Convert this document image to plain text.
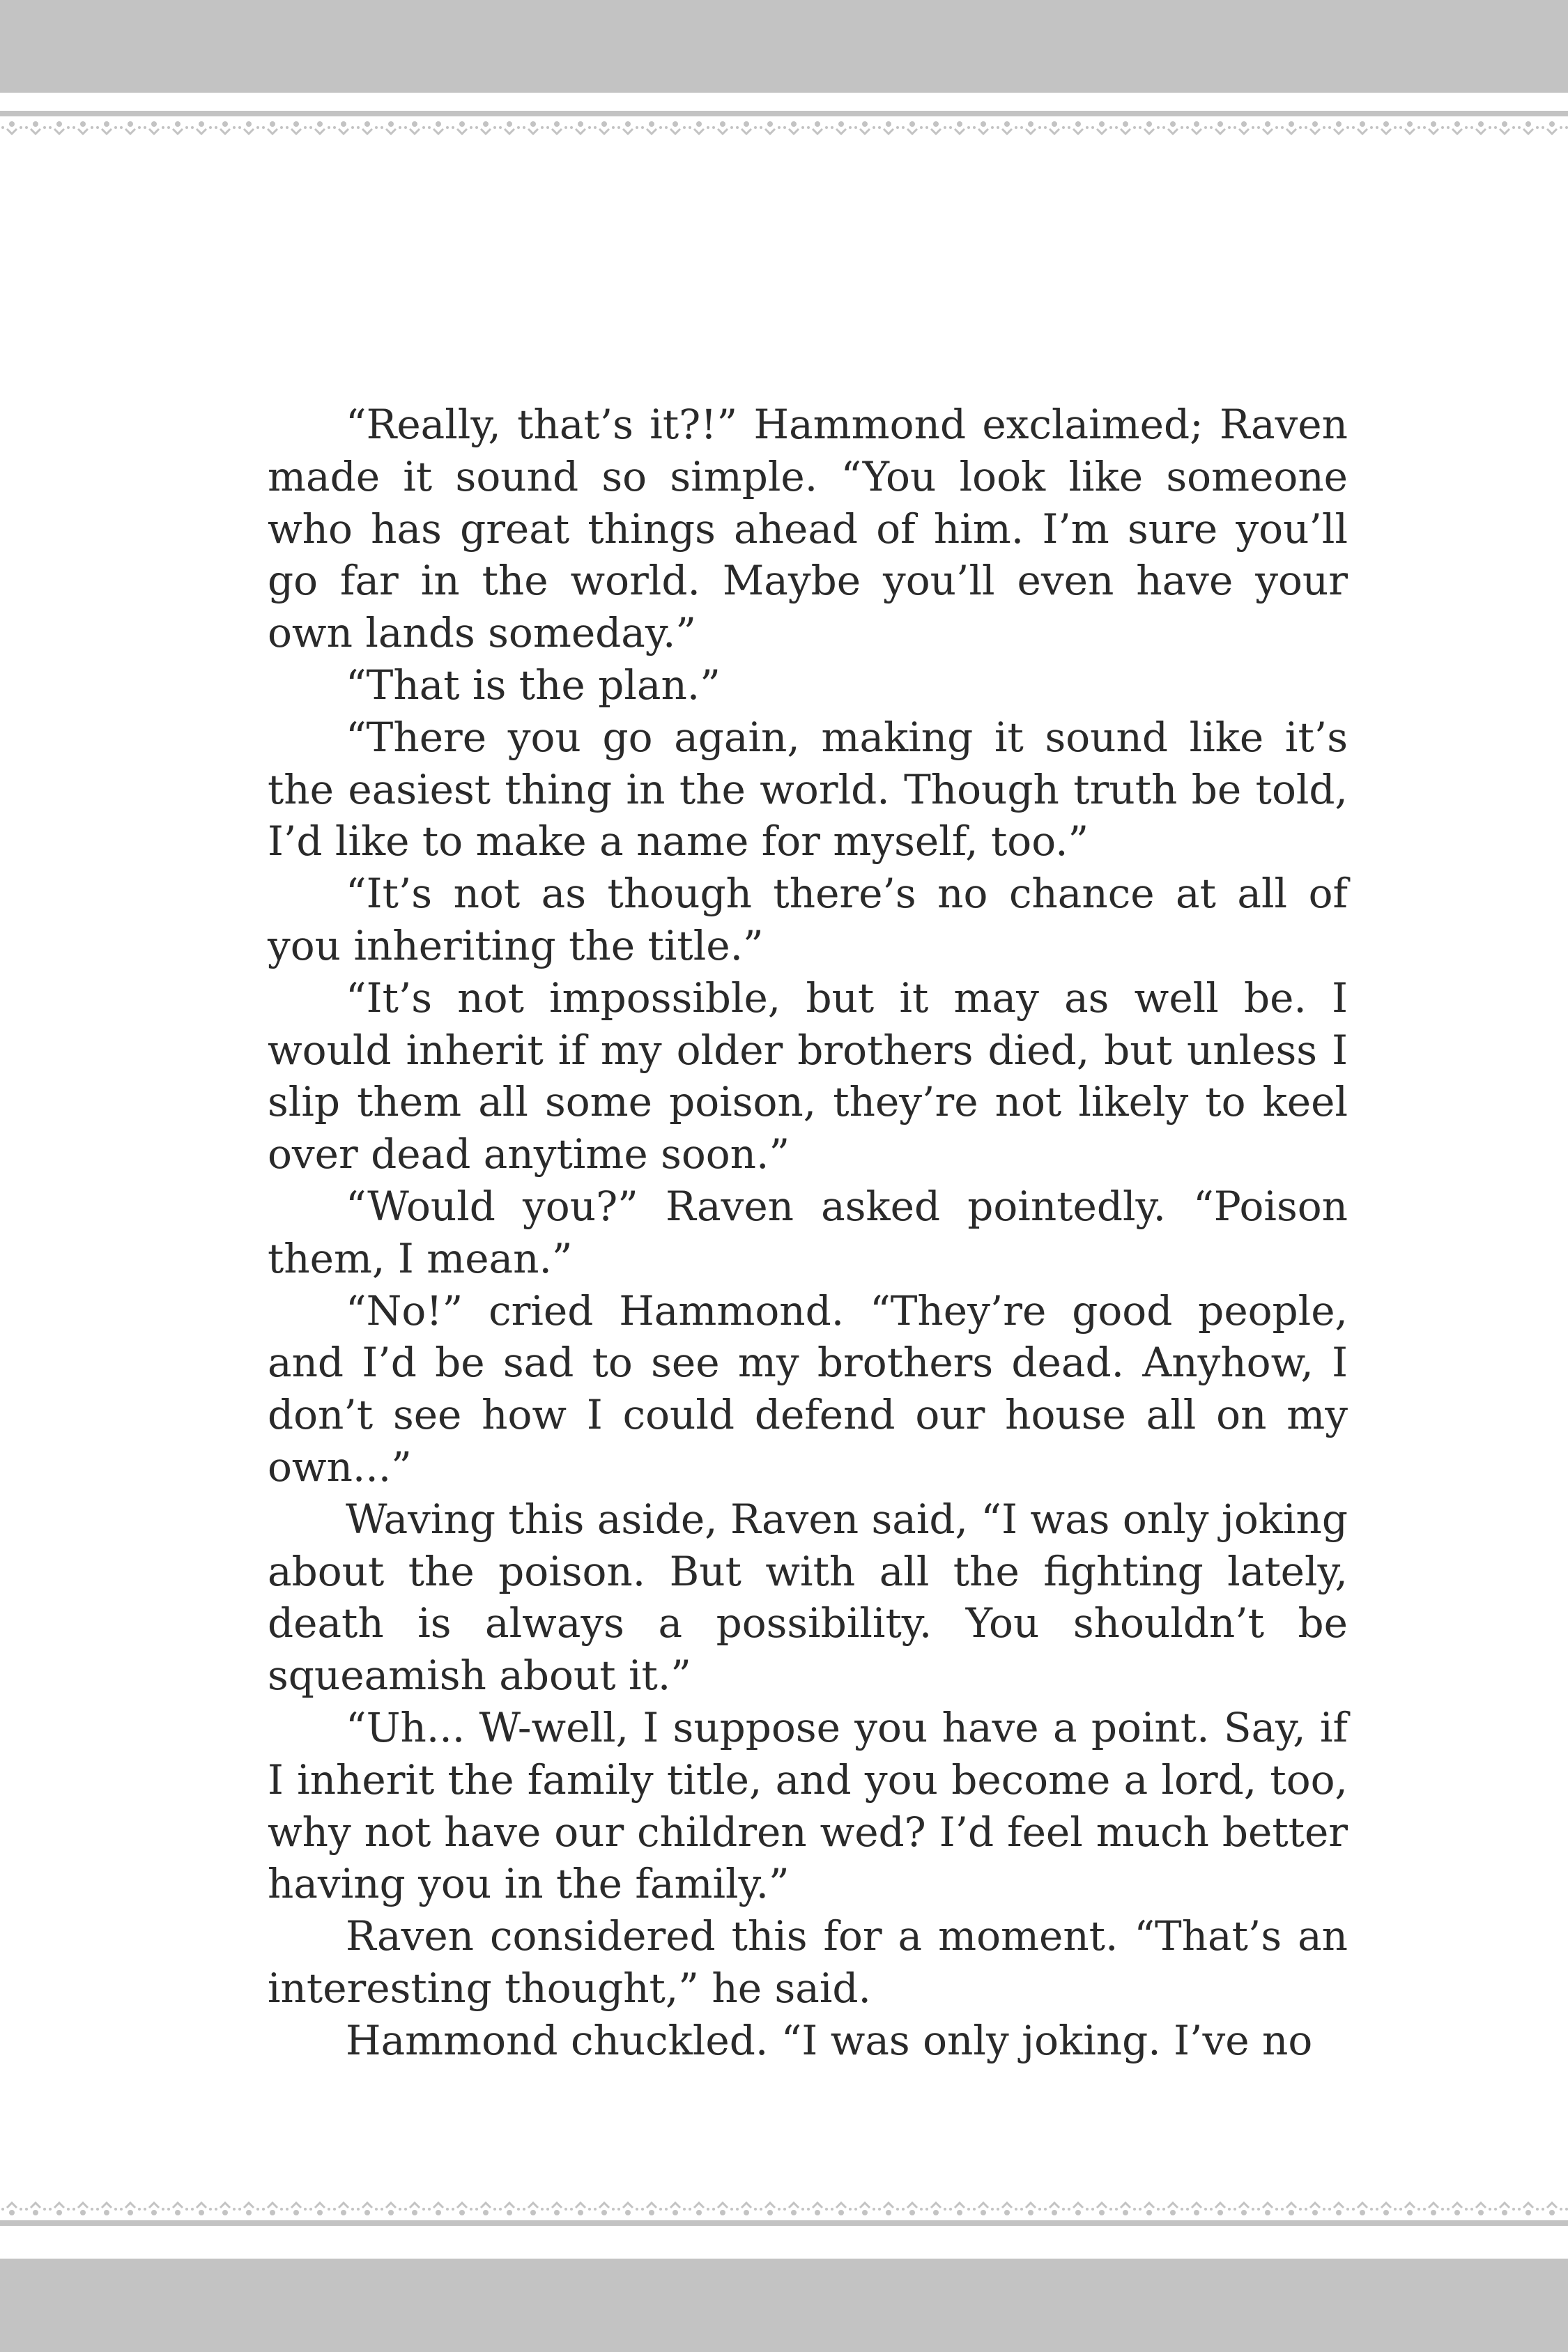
“Really, that’s it?!” Hammond exclaimed; Raven made it sound so simple. “You look like someone who has great things ahead of him. I’m sure you’ll go far in the world. Maybe you’ll even have your own lands someday.”

“That is the plan.”

“There you go again, making it sound like it’s the easiest thing in the world. Though truth be told, I’d like to make a name for myself, too.”

“It’s not as though there’s no chance at all of you inheriting the title.”

“It’s not impossible, but it may as well be. I would inherit if my older brothers died, but unless I slip them all some poison, they’re not likely to keel over dead anytime soon.”

“Would you?” Raven asked pointedly. “Poison them, I mean.”

“No!” cried Hammond. “They’re good people, and I’d be sad to see my brothers dead. Anyhow, I don’t see how I could defend our house all on my own...”

Waving this aside, Raven said, “I was only joking about the poison. But with all the fighting lately, death is always a possibility. You shouldn’t be squeamish about it.”

“Uh... W-well, I suppose you have a point. Say, if I inherit the family title, and you become a lord, too, why not have our children wed? I’d feel much better having you in the family.”

Raven considered this for a moment. “That’s an interesting thought,” he said.

Hammond chuckled. “I was only joking. I’ve no
